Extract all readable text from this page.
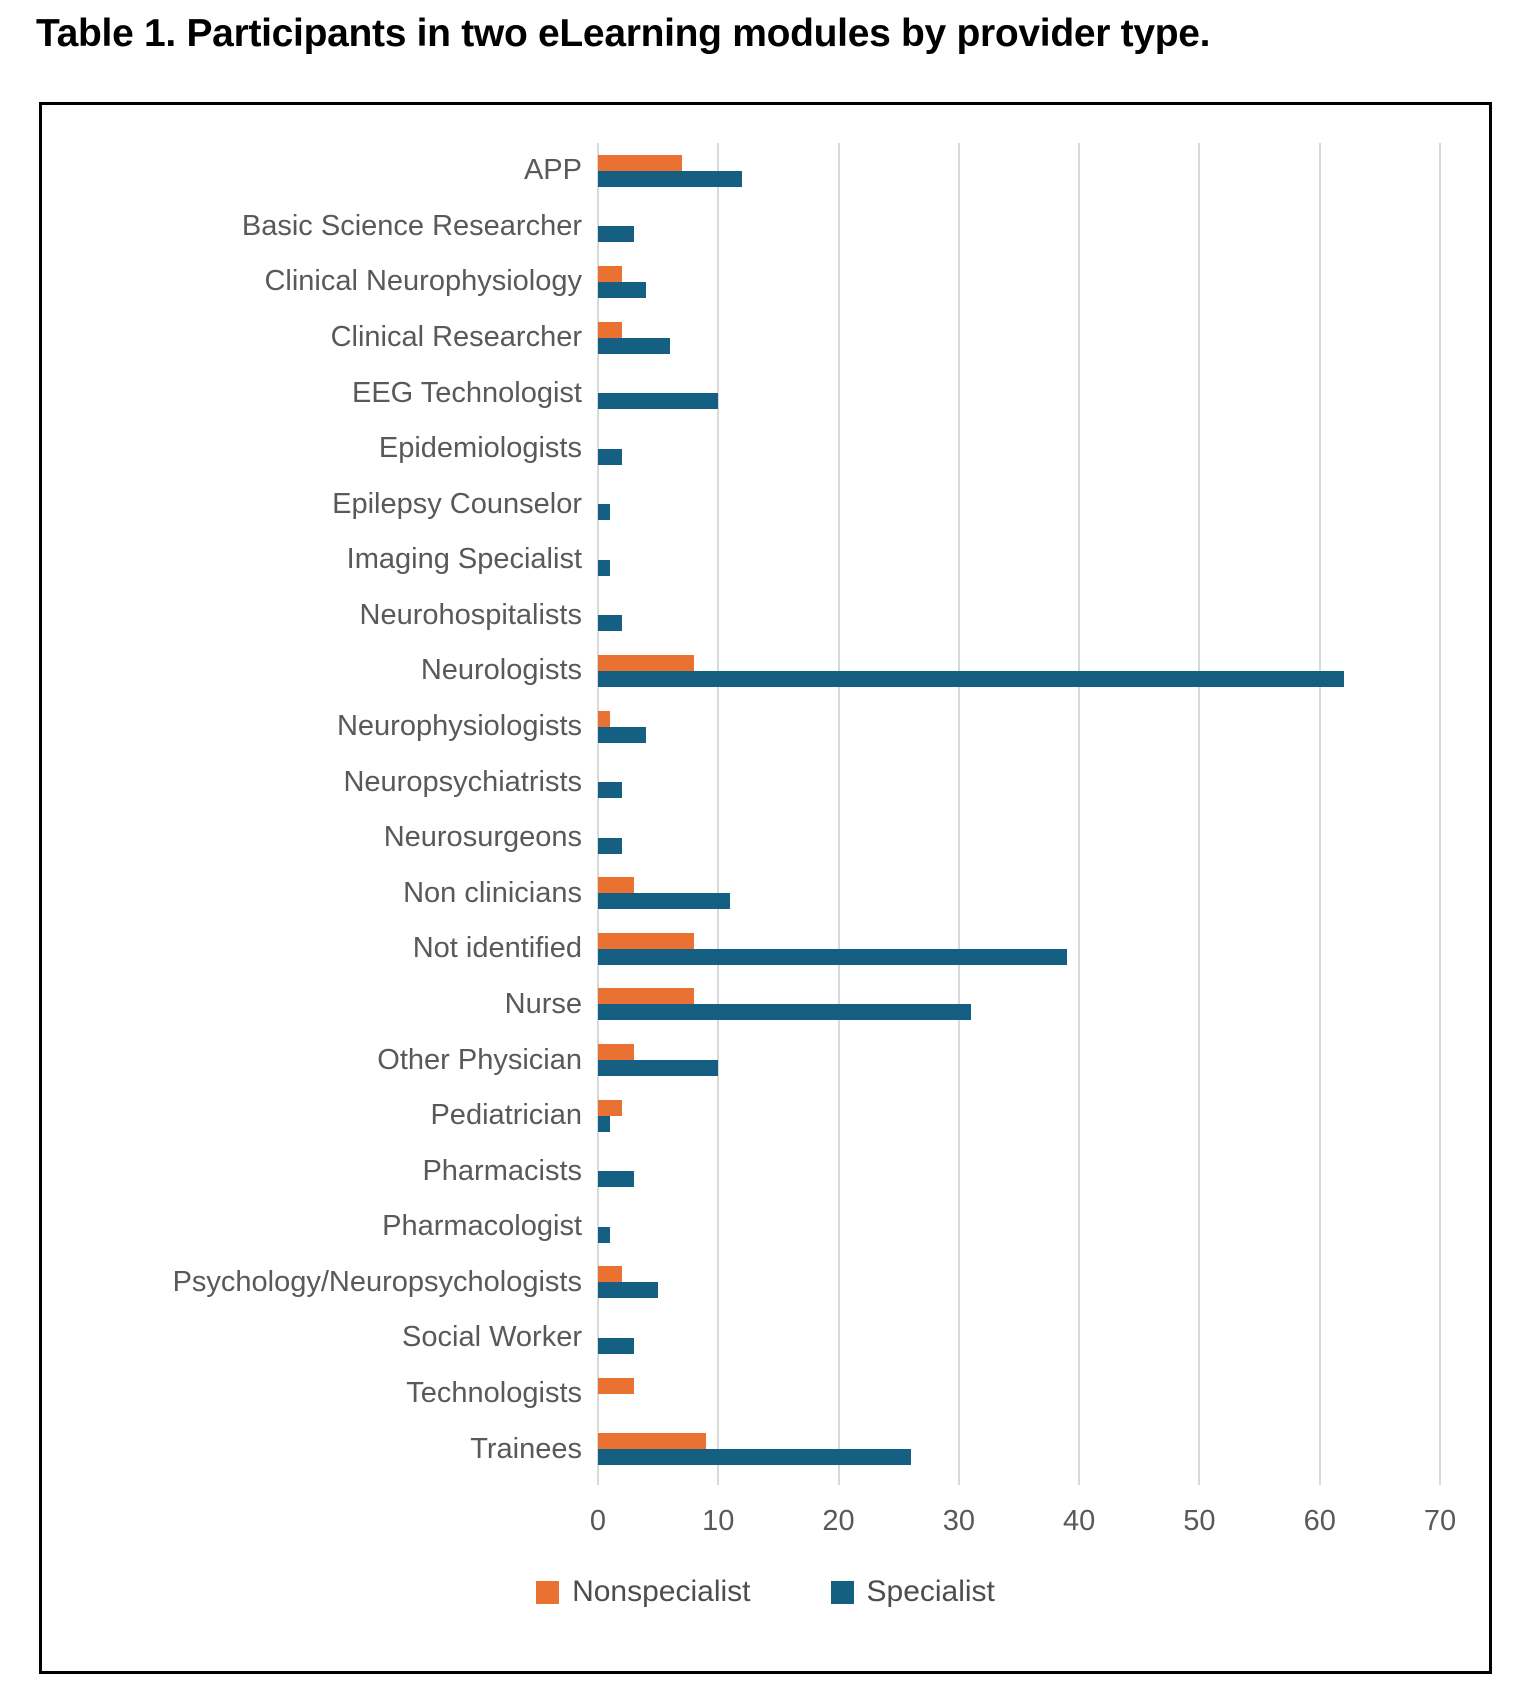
Table 1. Participants in two eLearning modules by provider type.
APP
Basic Science Researcher
Clinical Neurophysiology
Clinical Researcher
EEG Technologist
Epidemiologists
Epilepsy Counselor
Imaging Specialist
Neurohospitalists
Neurologists
Neurophysiologists
Neuropsychiatrists
Neurosurgeons
Non clinicians
Not identified
Nurse
Other Physician
Pediatrician
Pharmacists
Pharmacologist
Psychology/Neuropsychologists
Social Worker
Technologists
Trainees
0	10	20	30	40	50	60	70
Nonspecialist	Specialist
